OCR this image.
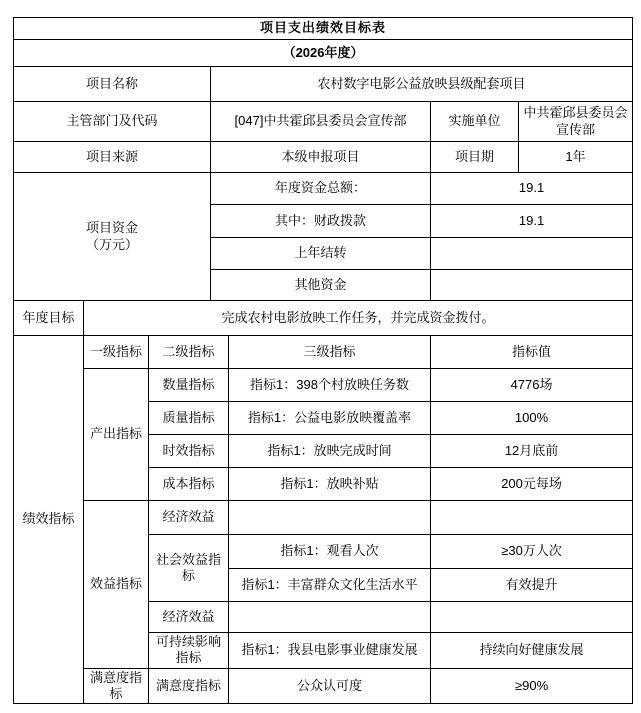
项目支出绩效目标表						
（2026年度）						
项目名称			农村数字电影公益放映县级配套项目			
主管部门及代码			[047]中共霍邱县委员会宣传部		实施单位	中共霍邱县委员会宣传部
项目来源			本级申报项目		项目期	1年

项目资金
（万元）			年度资金总额：		19.1	
			其中：财政拨款		19.1	
			上年结转			
			其他资金			
年度目标	完成农村电影放映工作任务，并完成资金拨付。					
绩效指标	一级指标	二级指标		三级指标	指标值	
	产出指标	数量指标		指标1：398个村放映任务数	4776场	
		质量指标		指标1：公益电影放映覆盖率	100%	
		时效指标		指标1：放映完成时间	12月底前	
		成本指标		指标1：放映补贴	200元每场	
	效益指标	经济效益				
		社会效益指标		指标1：观看人次	≥30万人次	
				指标1：丰富群众文化生活水平	有效提升	
		经济效益				
		可持续影响指标		指标1：我县电影事业健康发展	持续向好健康发展	
	满意度指标	满意度指标		公众认可度	≥90%	
